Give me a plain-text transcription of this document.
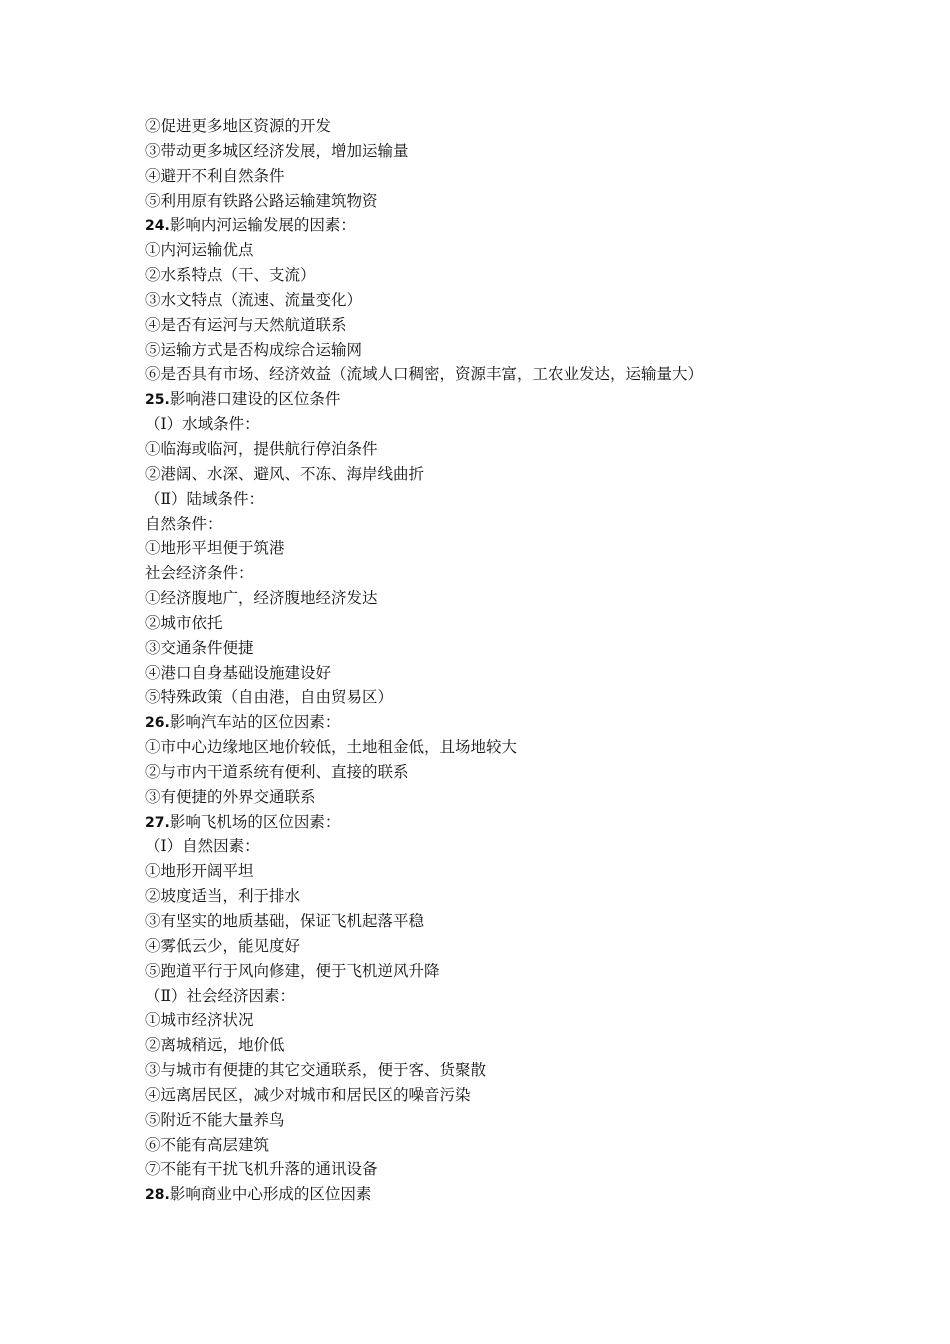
②促进更多地区资源的开发
③带动更多城区经济发展，增加运输量
④避开不利自然条件
⑤利用原有铁路公路运输建筑物资
24.影响内河运输发展的因素：
①内河运输优点
②水系特点（干、支流）
③水文特点（流速、流量变化）
④是否有运河与天然航道联系
⑤运输方式是否构成综合运输网
⑥是否具有市场、经济效益（流域人口稠密，资源丰富，工农业发达，运输量大）
25.影响港口建设的区位条件
（Ⅰ）水域条件：
①临海或临河，提供航行停泊条件
②港阔、水深、避风、不冻、海岸线曲折
（Ⅱ）陆域条件：
自然条件：
①地形平坦便于筑港
社会经济条件：
①经济腹地广，经济腹地经济发达
②城市依托
③交通条件便捷
④港口自身基础设施建设好
⑤特殊政策（自由港，自由贸易区）
26.影响汽车站的区位因素：
①市中心边缘地区地价较低，土地租金低，且场地较大
②与市内干道系统有便利、直接的联系
③有便捷的外界交通联系
27.影响飞机场的区位因素：
（Ⅰ）自然因素：
①地形开阔平坦
②坡度适当，利于排水
③有坚实的地质基础，保证飞机起落平稳
④雾低云少，能见度好
⑤跑道平行于风向修建，便于飞机逆风升降
（Ⅱ）社会经济因素：
①城市经济状况
②离城稍远，地价低
③与城市有便捷的其它交通联系，便于客、货聚散
④远离居民区，减少对城市和居民区的噪音污染
⑤附近不能大量养鸟
⑥不能有高层建筑
⑦不能有干扰飞机升落的通讯设备
28.影响商业中心形成的区位因素
